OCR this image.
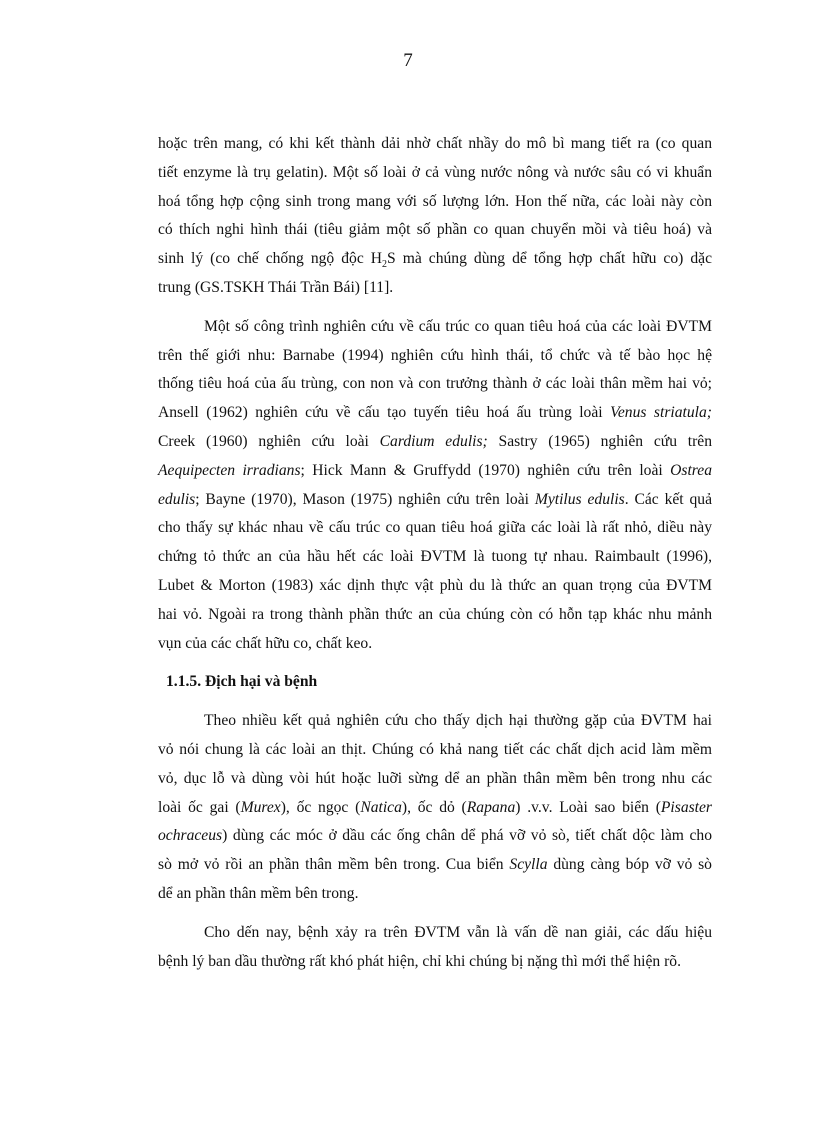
7
hoặc trên mang, có khi kết thành dải nhờ chất nhầy do mô bì mang tiết ra (co quan
tiết enzyme là trụ gelatin). Một số loài ở cả vùng nước nông và nước sâu có vi khuẩn
hoá tổng hợp cộng sinh trong mang với số lượng lớn. Hon thế nữa, các loài này còn
có thích nghi hình thái (tiêu giảm một số phần co quan chuyển mồi và tiêu hoá) và
sinh lý (co chế chống ngộ độc $H_2S$ mà chúng dùng dể tổng hợp chất hữu co) dặc
trung (GS.TSKH Thái Trần Bái) [11].
Một số công trình nghiên cứu về cấu trúc co quan tiêu hoá của các loài ĐVTM
trên thế giới nhu: Barnabe (1994) nghiên cứu hình thái, tổ chức và tế bào học hệ
thống tiêu hoá của ấu trùng, con non và con trưởng thành ở các loài thân mềm hai vỏ;
Ansell (1962) nghiên cứu về cấu tạo tuyến tiêu hoá ấu trùng loài Venus striatula;
Creek (1960) nghiên cứu loài Cardium edulis; Sastry (1965) nghiên cứu trên
Aequipecten irradians; Hick Mann & Gruffydd (1970) nghiên cứu trên loài Ostrea
edulis; Bayne (1970), Mason (1975) nghiên cứu trên loài Mytilus edulis. Các kết quả
cho thấy sự khác nhau về cấu trúc co quan tiêu hoá giữa các loài là rất nhỏ, diều này
chứng tỏ thức an của hầu hết các loài ĐVTM là tuong tự nhau. Raimbault (1996),
Lubet & Morton (1983) xác dịnh thực vật phù du là thức an quan trọng của ĐVTM
hai vỏ. Ngoài ra trong thành phần thức an của chúng còn có hỗn tạp khác nhu mảnh
vụn của các chất hữu co, chất keo.
1.1.5. Địch hại và bệnh
Theo nhiều kết quả nghiên cứu cho thấy dịch hại thường gặp của ĐVTM hai
vỏ nói chung là các loài an thịt. Chúng có khả nang tiết các chất dịch acid làm mềm
vỏ, dục lỗ và dùng vòi hút hoặc luỡi sừng dể an phần thân mềm bên trong nhu các
loài ốc gai (Murex), ốc ngọc (Natica), ốc dỏ (Rapana) .v.v. Loài sao biển (Pisaster
ochraceus) dùng các móc ở dầu các ống chân dể phá vỡ vỏ sò, tiết chất dộc làm cho
sò mở vỏ rồi an phần thân mềm bên trong. Cua biển Scylla dùng càng bóp vỡ vỏ sò
dể an phần thân mềm bên trong.
Cho dến nay, bệnh xảy ra trên ĐVTM vẫn là vấn dề nan giải, các dấu hiệu
bệnh lý ban dầu thường rất khó phát hiện, chỉ khi chúng bị nặng thì mới thể hiện rõ.
